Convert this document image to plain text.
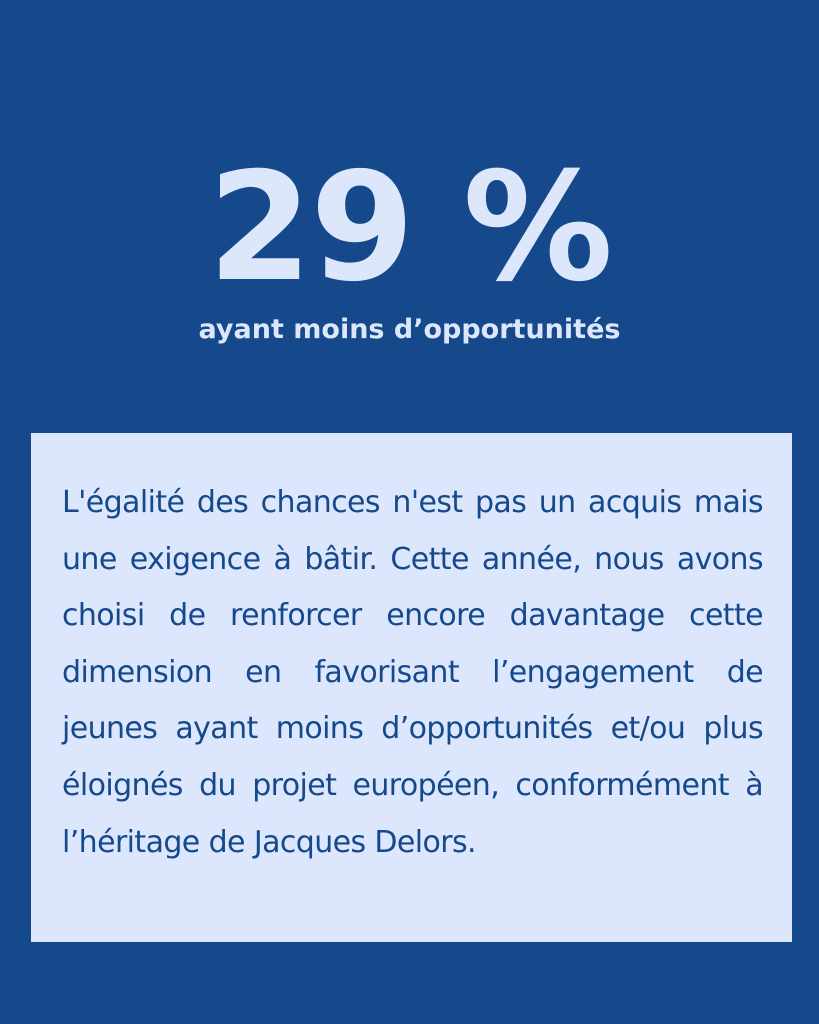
29 %
ayant moins d’opportunités

L'égalité des chances n'est pas un acquis mais une exigence à bâtir. Cette année, nous avons choisi de renforcer encore davantage cette dimension en favorisant l’engagement de jeunes ayant moins d’opportunités et/ou plus éloignés du projet européen, conformément à l’héritage de Jacques Delors.
